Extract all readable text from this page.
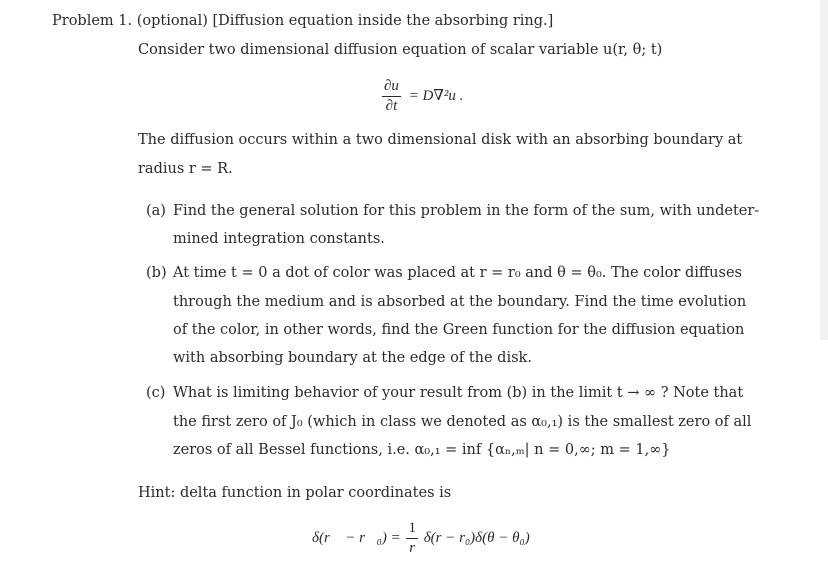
Problem 1. (optional) [Diffusion equation inside the absorbing ring.]
Consider two dimensional diffusion equation of scalar variable u(r, θ; t)
$\frac{\partial u}{\partial t} = D\nabla^2u$ .
The diffusion occurs within a two dimensional disk with an absorbing boundary at
radius r = R.
(a) Find the general solution for this problem in the form of the sum, with undeter-
mined integration constants.
(b) At time t = 0 a dot of color was placed at r = r₀ and θ = θ₀. The color diffuses
through the medium and is absorbed at the boundary. Find the time evolution
of the color, in other words, find the Green function for the diffusion equation
with absorbing boundary at the edge of the disk.
(c) What is limiting behavior of your result from (b) in the limit t → ∞ ? Note that
the first zero of J₀ (which in class we denoted as α₀,₁) is the smallest zero of all
zeros of all Bessel functions, i.e. α₀,₁ = inf {αₙ,ₘ| n = 0,∞; m = 1,∞}
Hint: delta function in polar coordinates is
δ(r⃗ − r⃗₀) = $\frac{1}{r} \delta(r - r_0)\delta(\theta - \theta_0)$
